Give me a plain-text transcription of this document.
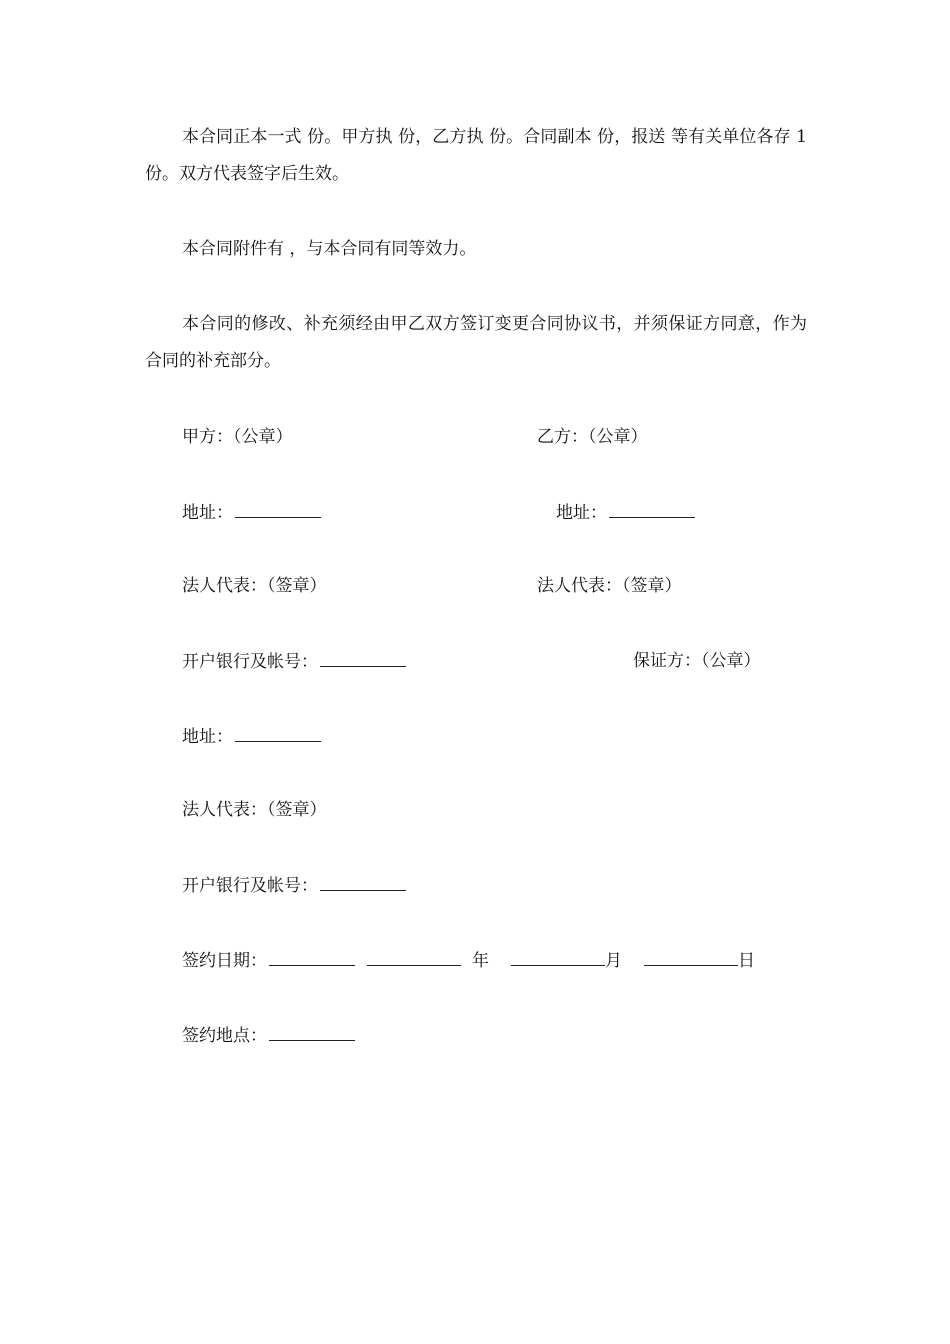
本合同正本一式 份。甲方执 份，乙方执 份。合同副本 份，报送 等有关单位各存 1 份。双方代表签字后生效。

本合同附件有 ，与本合同有同等效力。

本合同的修改、补充须经由甲乙双方签订变更合同协议书，并须保证方同意，作为合同的补充部分。

甲方：（公章）	乙方：（公章）
地址：	地址：
法人代表：（签章）	法人代表：（签章）
开户银行及帐号：	保证方：（公章）
地址：
法人代表：（签章）
开户银行及帐号：
签约日期：	年	月	日
签约地点：
